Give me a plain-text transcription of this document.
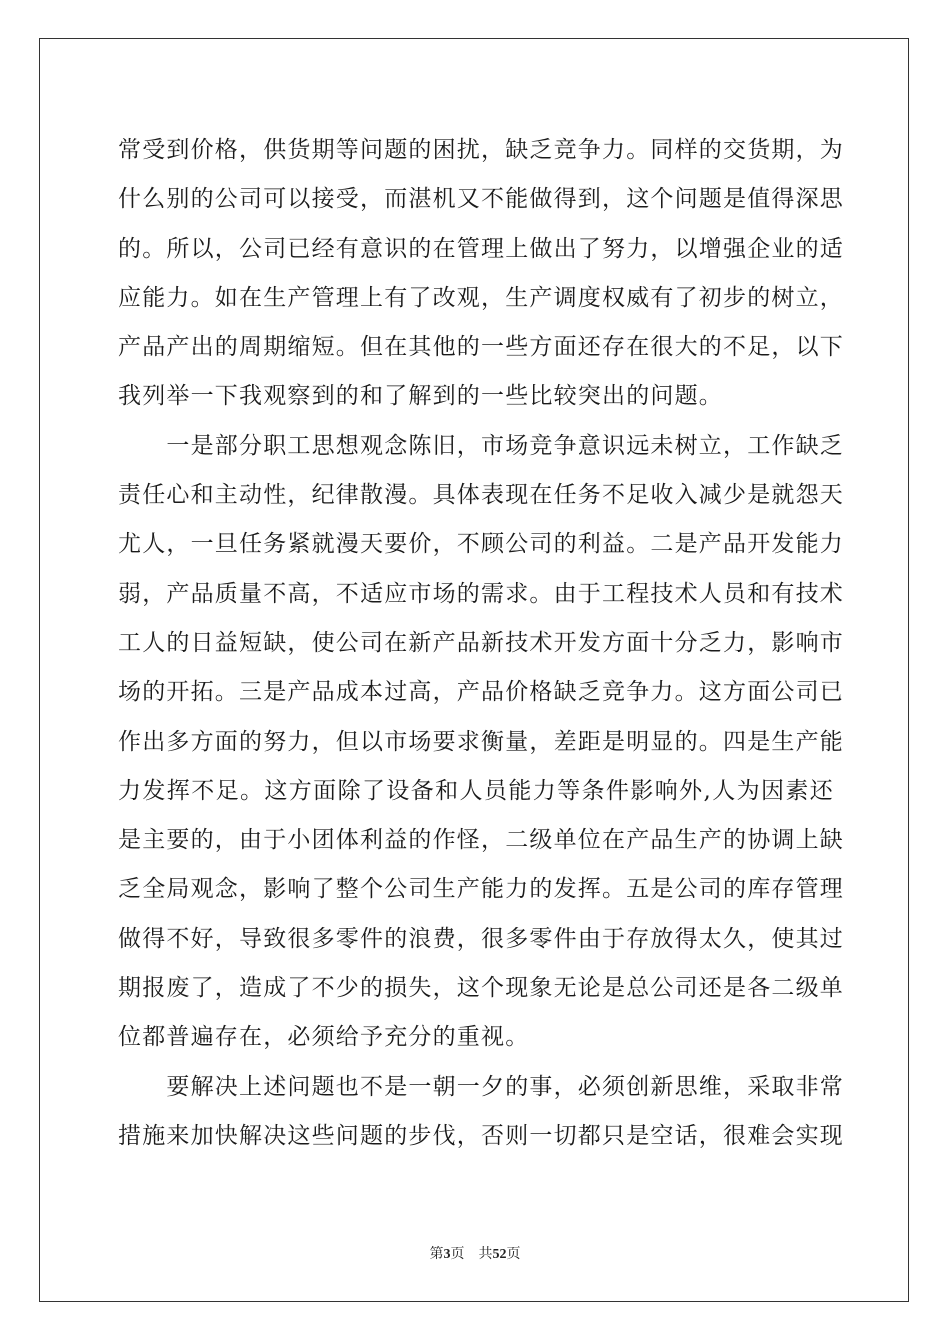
常受到价格，供货期等问题的困扰，缺乏竞争力。同样的交货期，为
什么别的公司可以接受，而湛机又不能做得到，这个问题是值得深思
的。所以，公司已经有意识的在管理上做出了努力，以增强企业的适
应能力。如在生产管理上有了改观，生产调度权威有了初步的树立，
产品产出的周期缩短。但在其他的一些方面还存在很大的不足，以下
我列举一下我观察到的和了解到的一些比较突出的问题。
　　一是部分职工思想观念陈旧，市场竞争意识远未树立，工作缺乏
责任心和主动性，纪律散漫。具体表现在任务不足收入减少是就怨天
尤人，一旦任务紧就漫天要价，不顾公司的利益。二是产品开发能力
弱，产品质量不高，不适应市场的需求。由于工程技术人员和有技术
工人的日益短缺，使公司在新产品新技术开发方面十分乏力，影响市
场的开拓。三是产品成本过高，产品价格缺乏竞争力。这方面公司已
作出多方面的努力，但以市场要求衡量，差距是明显的。四是生产能
力发挥不足。这方面除了设备和人员能力等条件影响外,人为因素还
是主要的，由于小团体利益的作怪，二级单位在产品生产的协调上缺
乏全局观念，影响了整个公司生产能力的发挥。五是公司的库存管理
做得不好，导致很多零件的浪费，很多零件由于存放得太久，使其过
期报废了，造成了不少的损失，这个现象无论是总公司还是各二级单
位都普遍存在，必须给予充分的重视。
　　要解决上述问题也不是一朝一夕的事，必须创新思维，采取非常
措施来加快解决这些问题的步伐，否则一切都只是空话，很难会实现
第3页 共52页
